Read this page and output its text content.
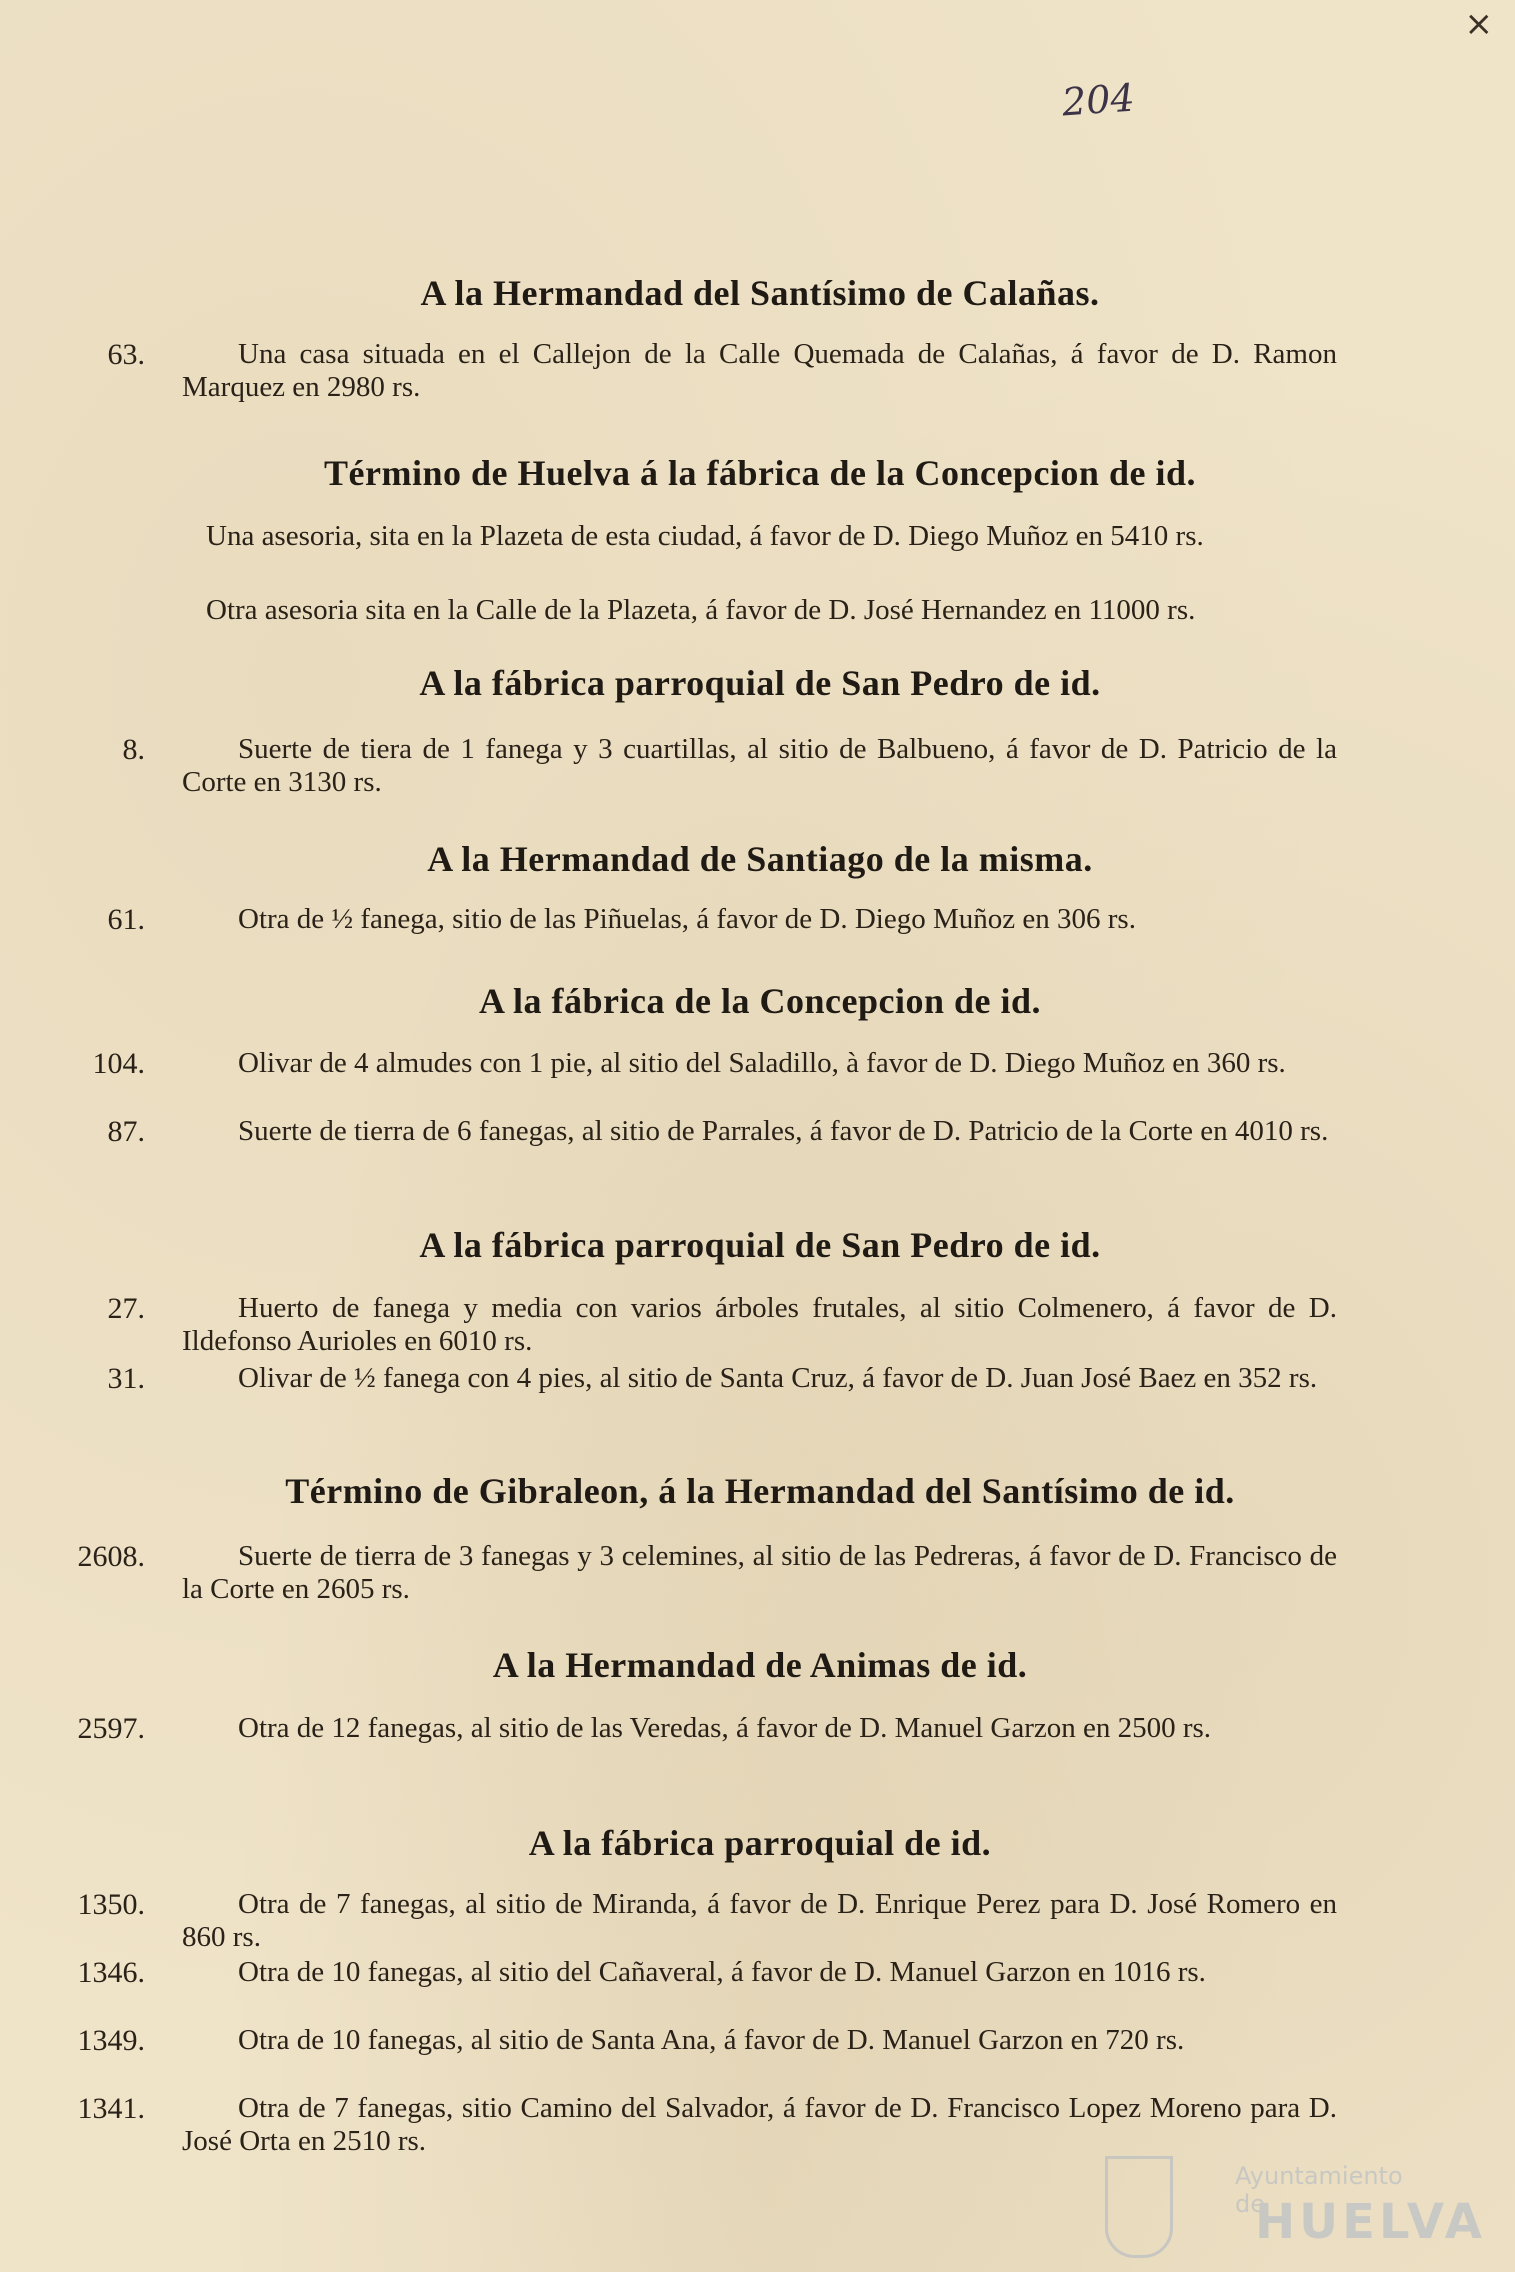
×
204
A la Hermandad del Santísimo de Calañas.
63.	Una casa situada en el Callejon de la Calle Quemada de Calañas, á favor de D. Ramon Marquez en 2980 rs.
Término de Huelva á la fábrica de la Concepcion de id.
Una asesoria, sita en la Plazeta de esta ciudad, á favor de D. Diego Muñoz en 5410 rs.
Otra asesoria sita en la Calle de la Plazeta, á favor de D. José Hernandez en 11000 rs.
A la fábrica parroquial de San Pedro de id.
8.	Suerte de tiera de 1 fanega y 3 cuartillas, al sitio de Balbueno, á favor de D. Patricio de la Corte en 3130 rs.
A la Hermandad de Santiago de la misma.
61.	Otra de ½ fanega, sitio de las Piñuelas, á favor de D. Diego Muñoz en 306 rs.
A la fábrica de la Concepcion de id.
104.	Olivar de 4 almudes con 1 pie, al sitio del Saladillo, à favor de D. Diego Muñoz en 360 rs.
87.	Suerte de tierra de 6 fanegas, al sitio de Parrales, á favor de D. Patricio de la Corte en 4010 rs.
A la fábrica parroquial de San Pedro de id.
27.	Huerto de fanega y media con varios árboles frutales, al sitio Colmenero, á favor de D. Ildefonso Aurioles en 6010 rs.
31.	Olivar de ½ fanega con 4 pies, al sitio de Santa Cruz, á favor de D. Juan José Baez en 352 rs.
Término de Gibraleon, á la Hermandad del Santísimo de id.
2608.	Suerte de tierra de 3 fanegas y 3 celemines, al sitio de las Pedreras, á favor de D. Francisco de la Corte en 2605 rs.
A la Hermandad de Animas de id.
2597.	Otra de 12 fanegas, al sitio de las Veredas, á favor de D. Manuel Garzon en 2500 rs.
A la fábrica parroquial de id.
1350.	Otra de 7 fanegas, al sitio de Miranda, á favor de D. Enrique Perez para D. José Romero en 860 rs.
1346.	Otra de 10 fanegas, al sitio del Cañaveral, á favor de D. Manuel Garzon en 1016 rs.
1349.	Otra de 10 fanegas, al sitio de Santa Ana, á favor de D. Manuel Garzon en 720 rs.
1341.	Otra de 7 fanegas, sitio Camino del Salvador, á favor de D. Francisco Lopez Moreno para D. José Orta en 2510 rs.
Ayuntamiento de
HUELVA
